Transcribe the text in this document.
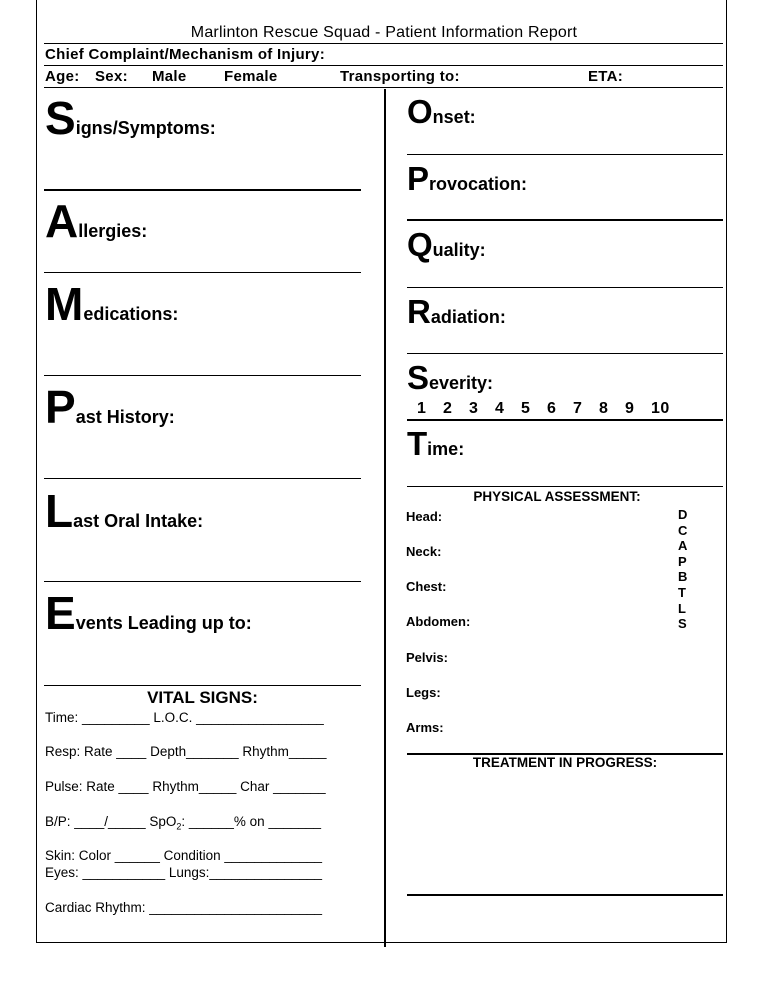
Marlinton Rescue Squad - Patient Information Report
Chief Complaint/Mechanism of Injury:
Age: Sex: Male Female	Transporting to:	ETA:
Signs/Symptoms:
Allergies:
Medications:
Past History:
Last Oral Intake:
Events Leading up to:
VITAL SIGNS:
Time: _________ L.O.C. _________________
Resp: Rate ____ Depth_______ Rhythm_____
Pulse: Rate ____ Rhythm_____ Char _______
B/P: ____/_____ SpO$_2$: ______% on _______
Skin: Color ______ Condition _____________
Eyes: ___________ Lungs:_______________
Cardiac Rhythm: _______________________
Onset:
Provocation:
Quality:
Radiation:
Severity:
1 2 3 4 5 6 7 8 9 10
Time:
PHYSICAL ASSESSMENT:
Head:
Neck:
Chest:
Abdomen:
Pelvis:
Legs:
Arms:
D
C
A
P
B
T
L
S
TREATMENT IN PROGRESS:
